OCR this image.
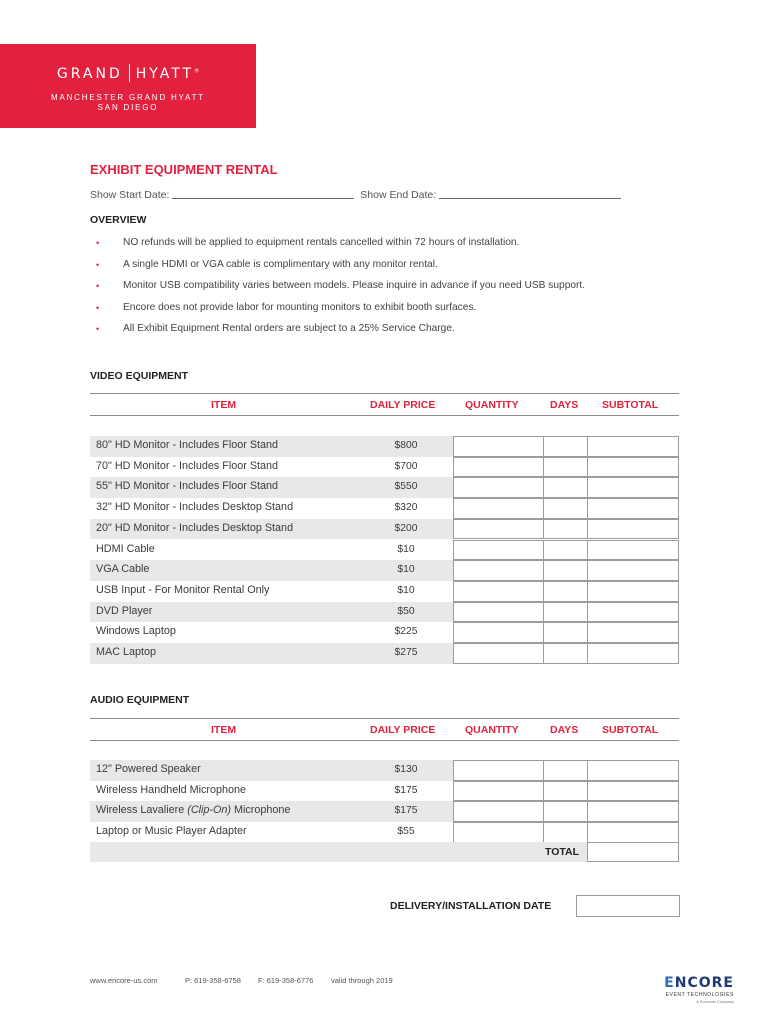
GRAND HYATT®
MANCHESTER GRAND HYATT
SAN DIEGO
EXHIBIT EQUIPMENT RENTAL
Show Start Date:	Show End Date:
OVERVIEW
• NO refunds will be applied to equipment rentals cancelled within 72 hours of installation.
• A single HDMI or VGA cable is complimentary with any monitor rental.
• Monitor USB compatibility varies between models. Please inquire in advance if you need USB support.
• Encore does not provide labor for mounting monitors to exhibit booth surfaces.
• All Exhibit Equipment Rental orders are subject to a 25% Service Charge.
VIDEO EQUIPMENT
ITEM	DAILY PRICE	QUANTITY	DAYS SUBTOTAL
80" HD Monitor - Includes Floor Stand	$800
70" HD Monitor - Includes Floor Stand	$700
55" HD Monitor - Includes Floor Stand	$550
32" HD Monitor - Includes Desktop Stand	$320
20" HD Monitor - Includes Desktop Stand	$200
HDMI Cable	$10
VGA Cable	$10
USB Input - For Monitor Rental Only	$10
DVD Player	$50
Windows Laptop	$225
MAC Laptop	$275
AUDIO EQUIPMENT
ITEM	DAILY PRICE	QUANTITY	DAYS SUBTOTAL
12" Powered Speaker	$130
Wireless Handheld Microphone	$175
Wireless Lavaliere (Clip-On) Microphone	$175
Laptop or Music Player Adapter	$55
TOTAL
DELIVERY/INSTALLATION DATE
www.encore-us.com	P: 619-358-6758 F: 619-358-6776 valid through 2019	ENCORE
EVENT TECHNOLOGIES
A Freeman Company
